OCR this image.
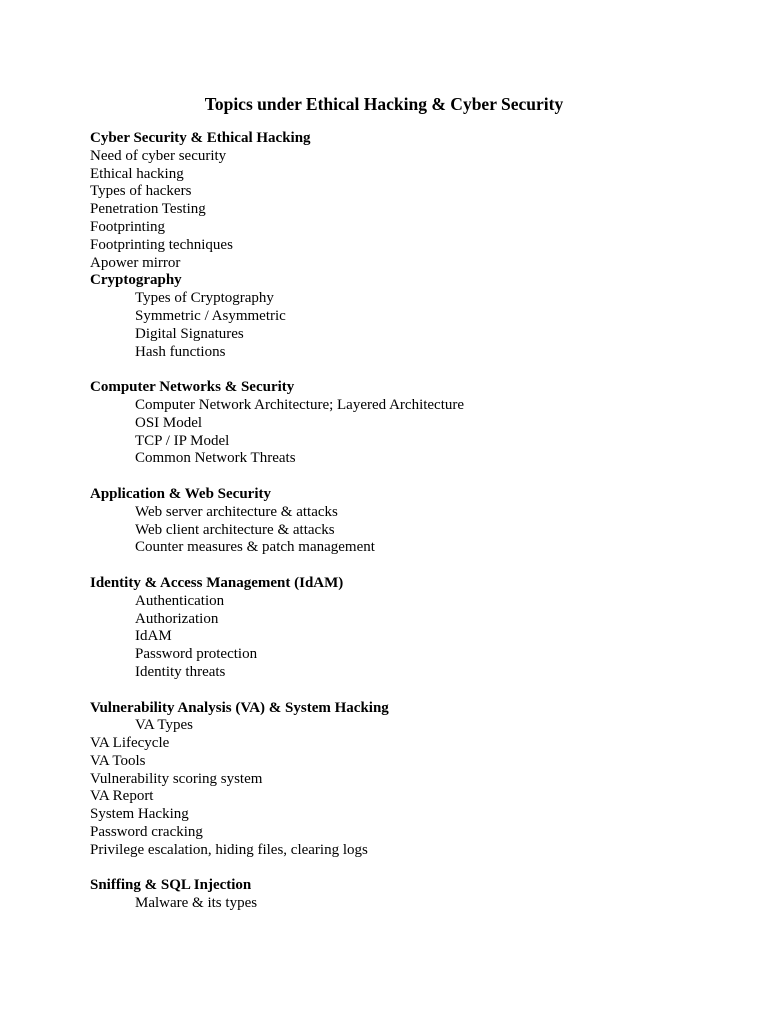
Topics under Ethical Hacking & Cyber Security
Cyber Security & Ethical Hacking
Need of cyber security
Ethical hacking
Types of hackers
Penetration Testing
Footprinting
Footprinting techniques
Apower mirror
Cryptography
Types of Cryptography
Symmetric / Asymmetric
Digital Signatures
Hash functions
Computer Networks & Security
Computer Network Architecture; Layered Architecture
OSI Model
TCP / IP Model
Common Network Threats
Application & Web Security
Web server architecture & attacks
Web client architecture & attacks
Counter measures & patch management
Identity & Access Management (IdAM)
Authentication
Authorization
IdAM
Password protection
Identity threats
Vulnerability Analysis (VA) & System Hacking
VA Types
VA Lifecycle
VA Tools
Vulnerability scoring system
VA Report
System Hacking
Password cracking
Privilege escalation, hiding files, clearing logs
Sniffing & SQL Injection
Malware & its types
